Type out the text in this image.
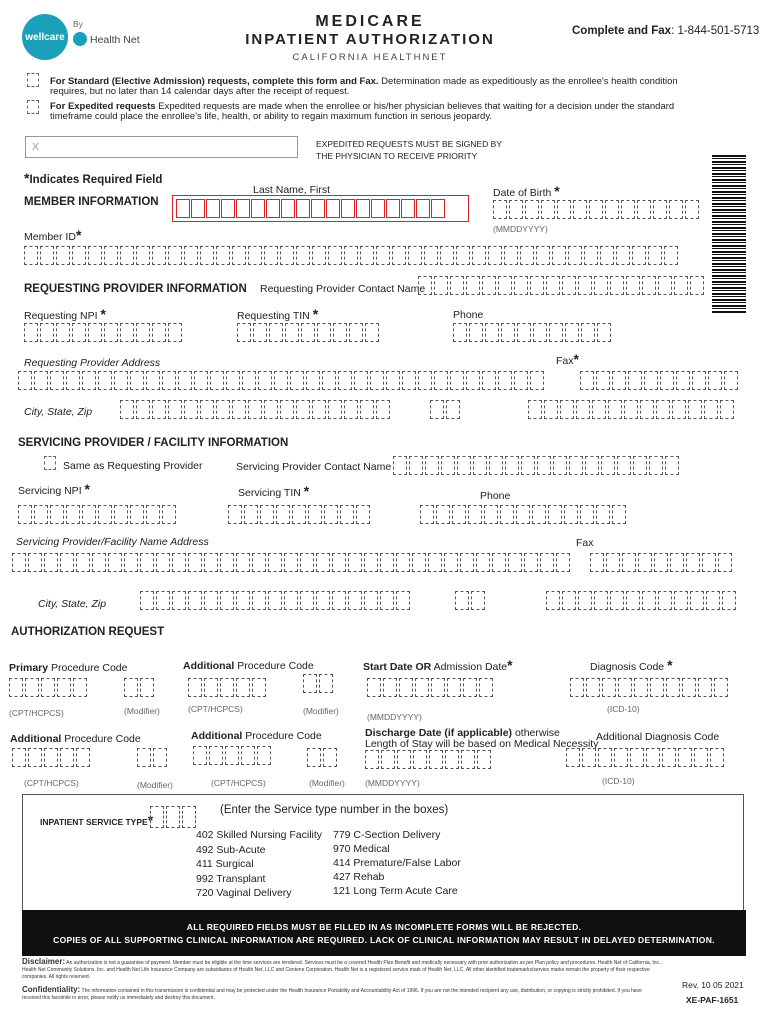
wellcare
By
Health Net
MEDICARE
INPATIENT AUTHORIZATION
CALIFORNIA HEALTHNET
Complete and Fax: 1-844-501-5713
For Standard (Elective Admission) requests, complete this form and Fax. Determination made as expeditiously as the enrollee's health condition
requires, but no later than 14 calendar days after the receipt of request.
For Expedited requests Expedited requests are made when the enrollee or his/her physician believes that waiting for a decision under the standard
timeframe could place the enrollee's life, health, or ability to regain maximum function in serious jeopardy.
X	EXPEDITED REQUESTS MUST BE SIGNED BY
THE PHYSICIAN TO RECEIVE PRIORITY
*Indicates Required Field
MEMBER INFORMATION
Last Name, First	Date of Birth *
(MMDDYYYY)
Member ID*
REQUESTING PROVIDER INFORMATION Requesting Provider Contact Name
Requesting NPI *	Requesting TIN *	Phone
Requesting Provider Address	Fax*
City, State, Zip
SERVICING PROVIDER / FACILITY INFORMATION
Same as Requesting Provider	Servicing Provider Contact Name
Servicing NPI *	Servicing TIN *	Phone
Servicing Provider/Facility Name Address	Fax
City, State, Zip
AUTHORIZATION REQUEST
Primary Procedure Code	Additional Procedure Code	Start Date OR Admission Date*	Diagnosis Code *
(CPT/HCPCS)	(Modifier)	(CPT/HCPCS)	(Modifier)
(MMDDYYYY)
(ICD-10)
Additional Procedure Code	Additional Procedure Code	Discharge Date (if applicable) otherwise
Length of Stay will be based on Medical Necessity
Additional Diagnosis Code
(CPT/HCPCS)	(Modifier)	(CPT/HCPCS)	(Modifier) (MMDDYYYY)	(ICD-10)
INPATIENT SERVICE TYPE*
(Enter the Service type number in the boxes)
402 Skilled Nursing Facility
492 Sub-Acute
411 Surgical
992 Transplant
720 Vaginal Delivery
779 C-Section Delivery
970 Medical
414 Premature/False Labor
427 Rehab
121 Long Term Acute Care
ALL REQUIRED FIELDS MUST BE FILLED IN AS INCOMPLETE FORMS WILL BE REJECTED.
COPIES OF ALL SUPPORTING CLINICAL INFORMATION ARE REQUIRED. LACK OF CLINICAL INFORMATION MAY RESULT IN DELAYED DETERMINATION.
Disclaimer: An authorization is not a guarantee of payment. Member must be eligible at the time services are rendered. Services must be a covered Health Plan Benefit and medically necessary with prior authorization as per Plan policy and procedures. Health Net of California, Inc., Health Net Community Solutions, Inc. and Health Net Life Insurance Company are subsidiaries of Health Net, LLC and Centene Corporation. Health Net is a registered service mark of Health Net, LLC. All other identified trademarks/service marks remain the property of their respective companies. All rights reserved.
Confidentiality: The information contained in this transmission is confidential and may be protected under the Health Insurance Portability and Accountability Act of 1996. If you are not the intended recipient any use, distribution, or copying is strictly prohibited. If you have received this facsimile in error, please notify us immediately and destroy this document.
Rev. 10 05 2021
XE-PAF-1651
